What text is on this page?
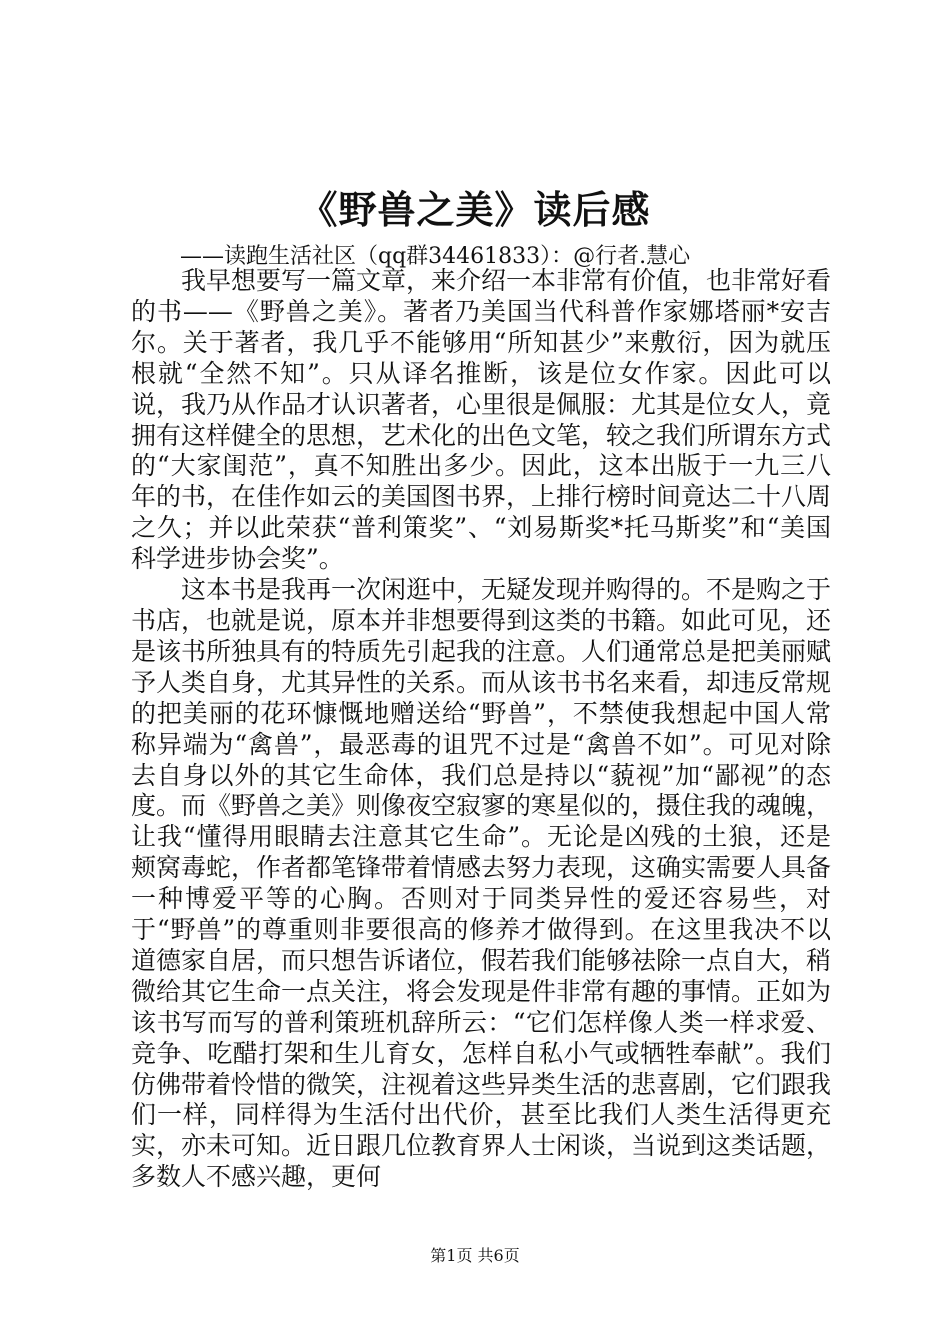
《野兽之美》读后感
——读跑生活社区（qq群34461833）：@行者.慧心

我早想要写一篇文章，来介绍一本非常有价值，也非常好看的书——《野兽之美》。著者乃美国当代科普作家娜塔丽*安吉尔。关于著者，我几乎不能够用“所知甚少”来敷衍，因为就压根就“全然不知”。只从译名推断，该是位女作家。因此可以说，我乃从作品才认识著者，心里很是佩服：尤其是位女人，竟拥有这样健全的思想，艺术化的出色文笔，较之我们所谓东方式的“大家闺范”，真不知胜出多少。因此，这本出版于一九三八年的书，在佳作如云的美国图书界，上排行榜时间竟达二十八周之久；并以此荣获“普利策奖”、“刘易斯奖*托马斯奖”和“美国科学进步协会奖”。

这本书是我再一次闲逛中，无疑发现并购得的。不是购之于书店，也就是说，原本并非想要得到这类的书籍。如此可见，还是该书所独具有的特质先引起我的注意。人们通常总是把美丽赋予人类自身，尤其异性的关系。而从该书书名来看，却违反常规的把美丽的花环慷慨地赠送给“野兽”，不禁使我想起中国人常称异端为“禽兽”，最恶毒的诅咒不过是“禽兽不如”。可见对除去自身以外的其它生命体，我们总是持以“藐视”加“鄙视”的态度。而《野兽之美》则像夜空寂寥的寒星似的，摄住我的魂魄，让我“懂得用眼睛去注意其它生命”。无论是凶残的土狼，还是颊窝毒蛇，作者都笔锋带着情感去努力表现，这确实需要人具备一种博爱平等的心胸。否则对于同类异性的爱还容易些，对于“野兽”的尊重则非要很高的修养才做得到。在这里我决不以道德家自居，而只想告诉诸位，假若我们能够祛除一点自大，稍微给其它生命一点关注，将会发现是件非常有趣的事情。正如为该书写而写的普利策班机辞所云：“它们怎样像人类一样求爱、竞争、吃醋打架和生儿育女，怎样自私小气或牺牲奉献”。我们仿佛带着怜惜的微笑，注视着这些异类生活的悲喜剧，它们跟我们一样，同样得为生活付出代价，甚至比我们人类生活得更充实，亦未可知。近日跟几位教育界人士闲谈，当说到这类话题，多数人不感兴趣，更何

第1页 共6页
